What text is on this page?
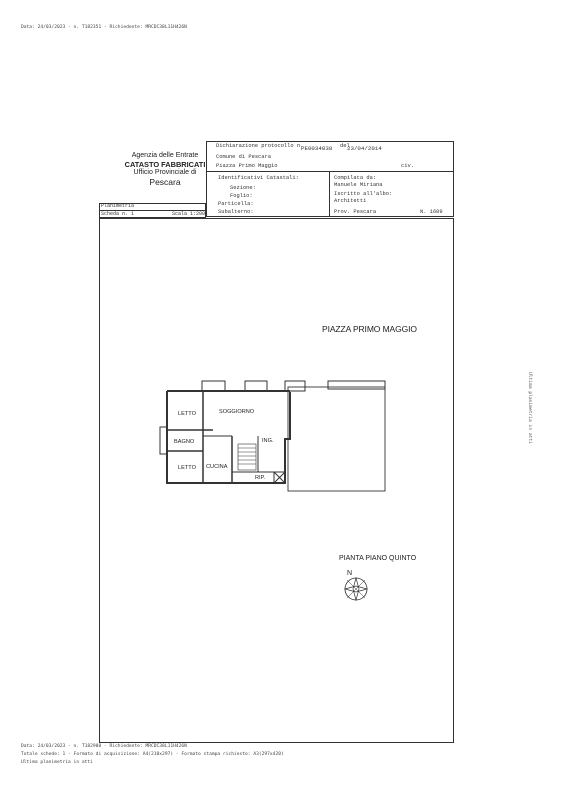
Data: 24/03/2023 - n. T182351 - Richiedente: MRCDC38L11H426N
Agenzia delle Entrate
CATASTO FABBRICATI
Ufficio Provinciale di
Pescara
Dichiarazione protocollo n.
PE0034838 del
23/04/2014
Comune di Pescara
Piazza Primo Maggio	civ.
Identificativi Catastali:
Sezione:
Foglio:
Particella:
Subalterno:
Compilata da:
Manuele Miriana
Iscritto all'albo:
Architetti
Prov. Pescara	N. 1609
Planimetria
Scheda n. 1	Scala 1:200
PIAZZA PRIMO MAGGIO
LETTO	SOGGIORNO
BAGNO	ING.
LETTO CUCINA
RIP.
PIANTA PIANO QUINTO
N
Ultima planimetria in atti
Data: 24/03/2023 - n. T182900 - Richiedente: MRCDC38L11H426N
Totale schede: 1 - Formato di acquisizione: A4(210x297) - Formato stampa richiesto: A3(297x420)
Ultima planimetria in atti
